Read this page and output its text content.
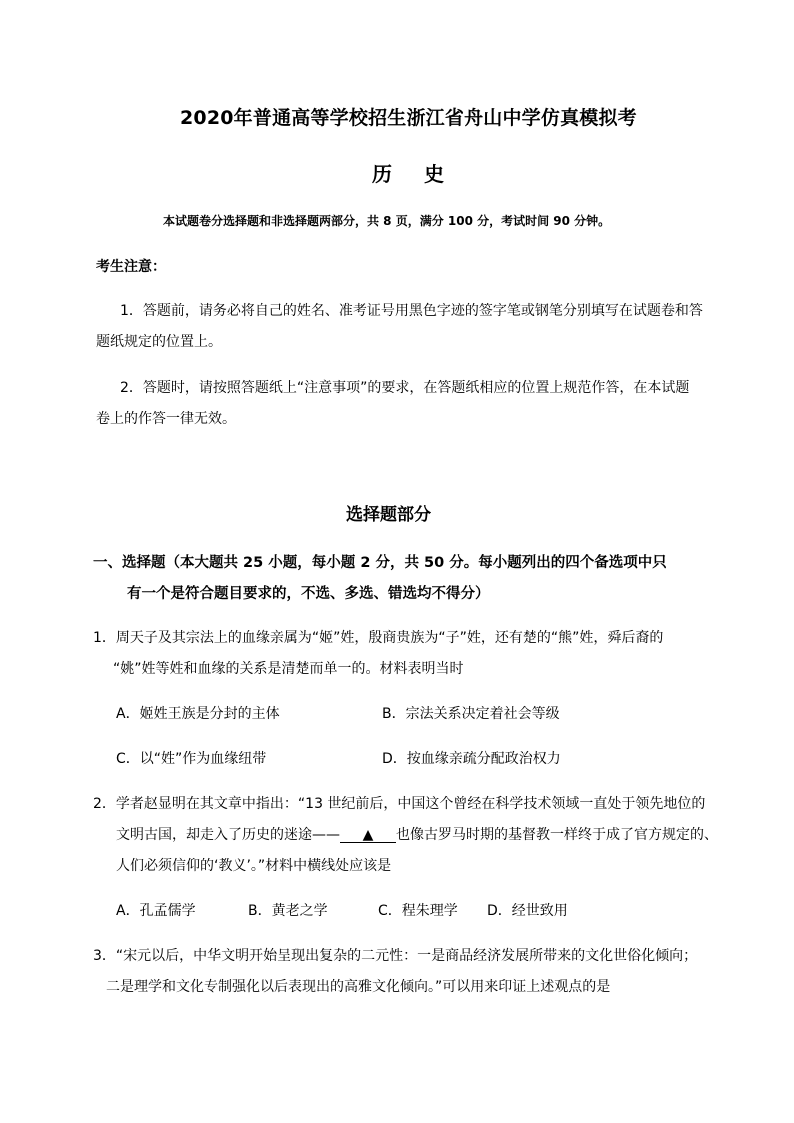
2020年普通高等学校招生浙江省舟山中学仿真模拟考
历 史
本试题卷分选择题和非选择题两部分，共 8 页，满分 100 分，考试时间 90 分钟。
考生注意：
1．答题前，请务必将自己的姓名、准考证号用黑色字迹的签字笔或钢笔分别填写在试题卷和答
题纸规定的位置上。
2．答题时，请按照答题纸上“注意事项”的要求，在答题纸相应的位置上规范作答，在本试题
卷上的作答一律无效。
选择题部分
一、选择题（本大题共 25 小题，每小题 2 分，共 50 分。每小题列出的四个备选项中只
有一个是符合题目要求的，不选、多选、错选均不得分）
1．周天子及其宗法上的血缘亲属为“姬”姓，殷商贵族为“子”姓，还有楚的“熊”姓，舜后裔的
“姚”姓等姓和血缘的关系是清楚而单一的。材料表明当时
A．姬姓王族是分封的主体	B．宗法关系决定着社会等级
C．以“姓”作为血缘纽带	D．按血缘亲疏分配政治权力
2．学者赵显明在其文章中指出：“13 世纪前后，中国这个曾经在科学技术领域一直处于领先地位的
文明古国，却走入了历史的迷途—— ▲ 也像古罗马时期的基督教一样终于成了官方规定的、
人们必须信仰的‘教义’。”材料中横线处应该是
A．孔孟儒学	B．黄老之学	C．程朱理学 D．经世致用
3．“宋元以后，中华文明开始呈现出复杂的二元性：一是商品经济发展所带来的文化世俗化倾向；
二是理学和文化专制强化以后表现出的高雅文化倾向。”可以用来印证上述观点的是
